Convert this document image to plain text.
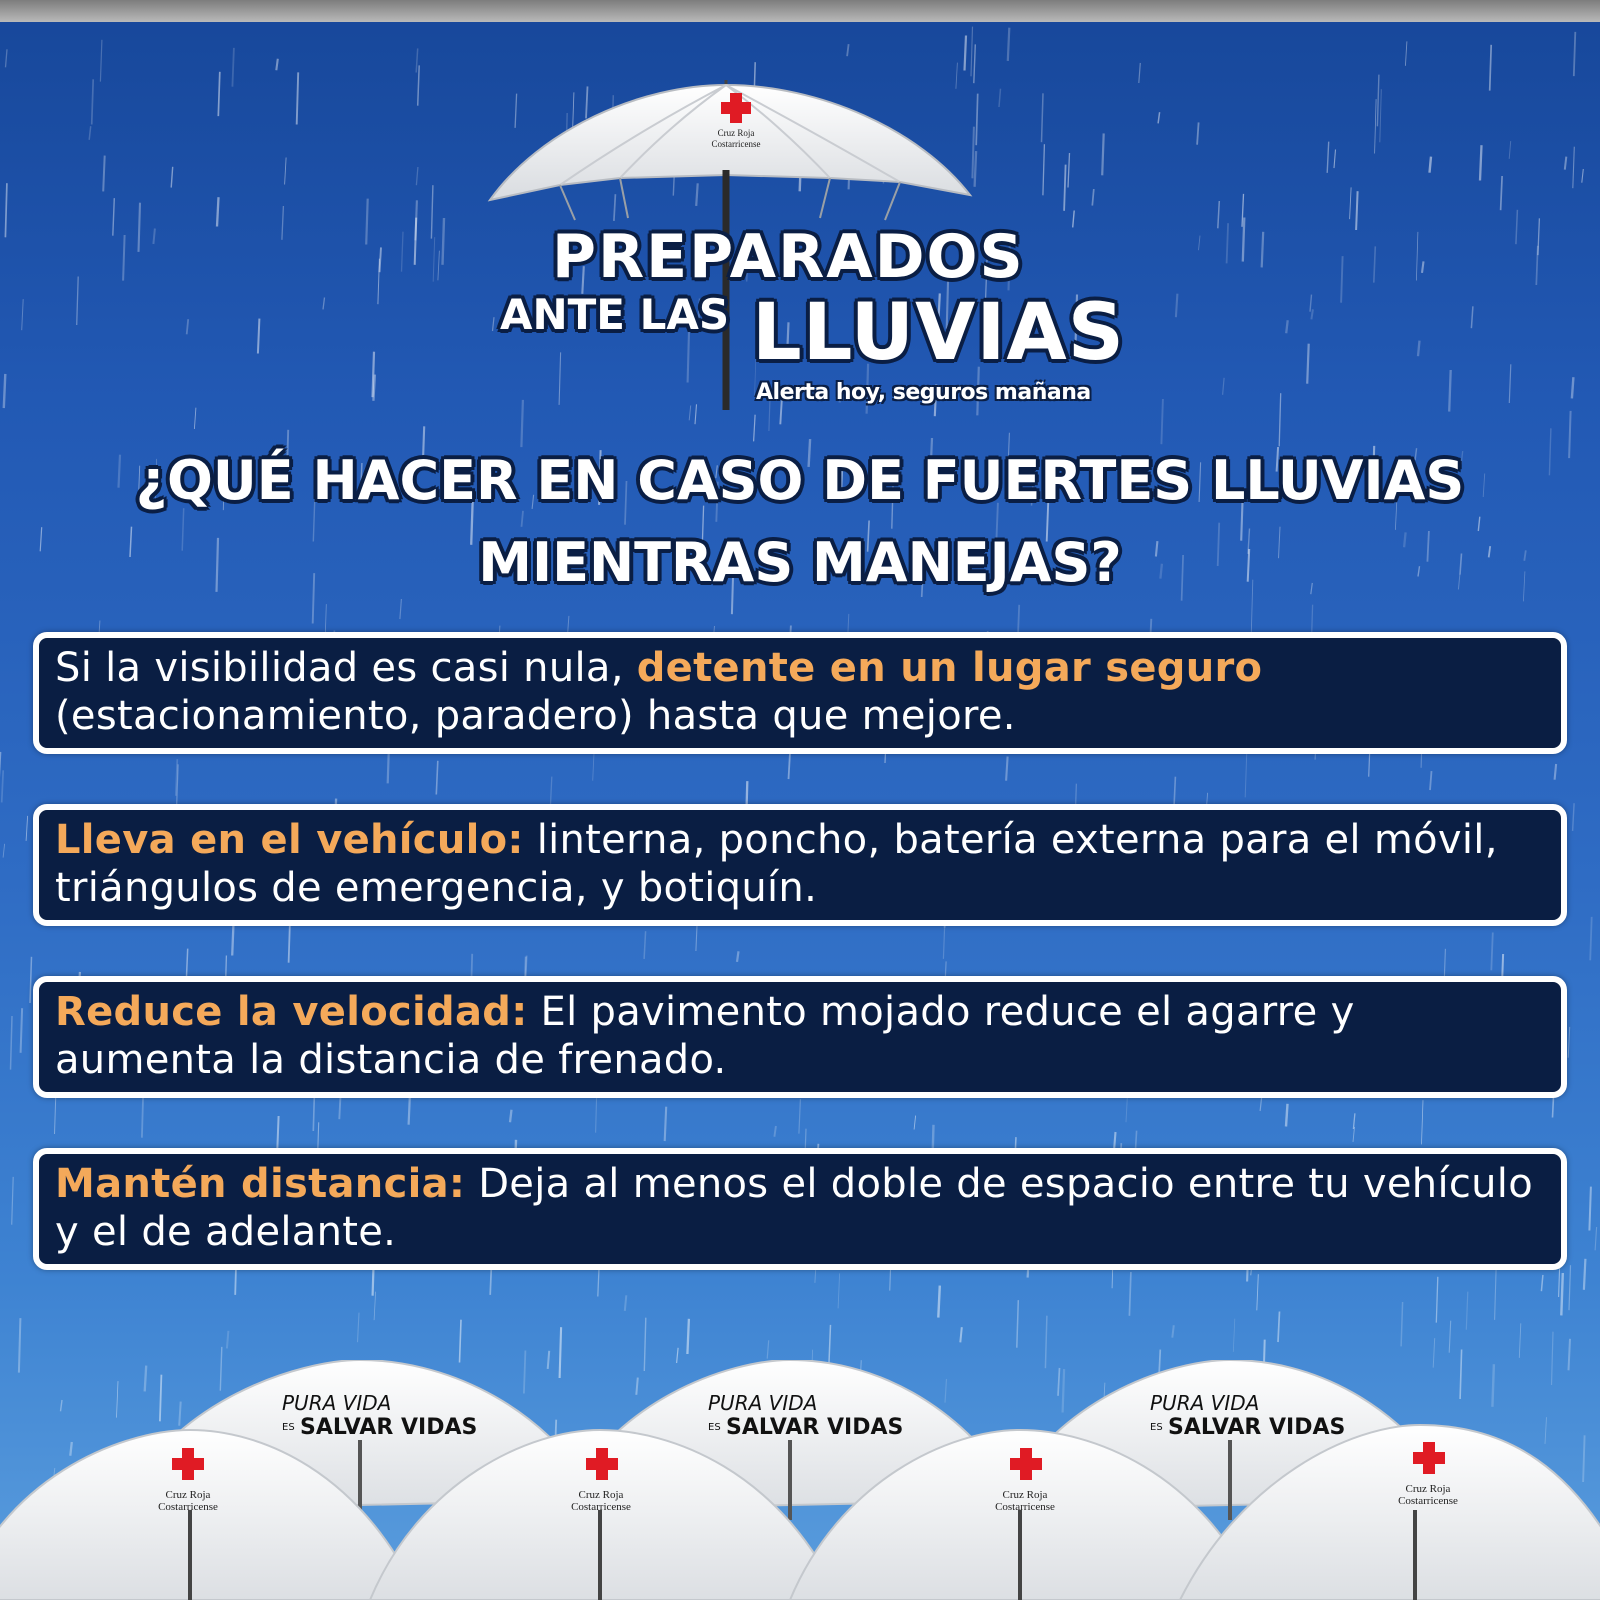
Cruz Roja
Costarricense
PREPARADOS
ANTE LAS LLUVIAS
Alerta hoy, seguros mañana
¿QUÉ HACER EN CASO DE FUERTES LLUVIAS
MIENTRAS MANEJAS?
Si la visibilidad es casi nula, detente en un lugar seguro (estacionamiento, paradero) hasta que mejore.
Lleva en el vehículo: linterna, poncho, batería externa para el móvil, triángulos de emergencia, y botiquín.
Reduce la velocidad: El pavimento mojado reduce el agarre y aumenta la distancia de frenado.
Mantén distancia: Deja al menos el doble de espacio entre tu vehículo y el de adelante.
PURA VIDA
ES SALVAR VIDAS
PURA VIDA
ES SALVAR VIDAS
PURA VIDA
ES SALVAR VIDAS
Cruz Roja
Costarricense
Cruz Roja
Costarricense
Cruz Roja
Costarricense
Cruz Roja
Costarricense
